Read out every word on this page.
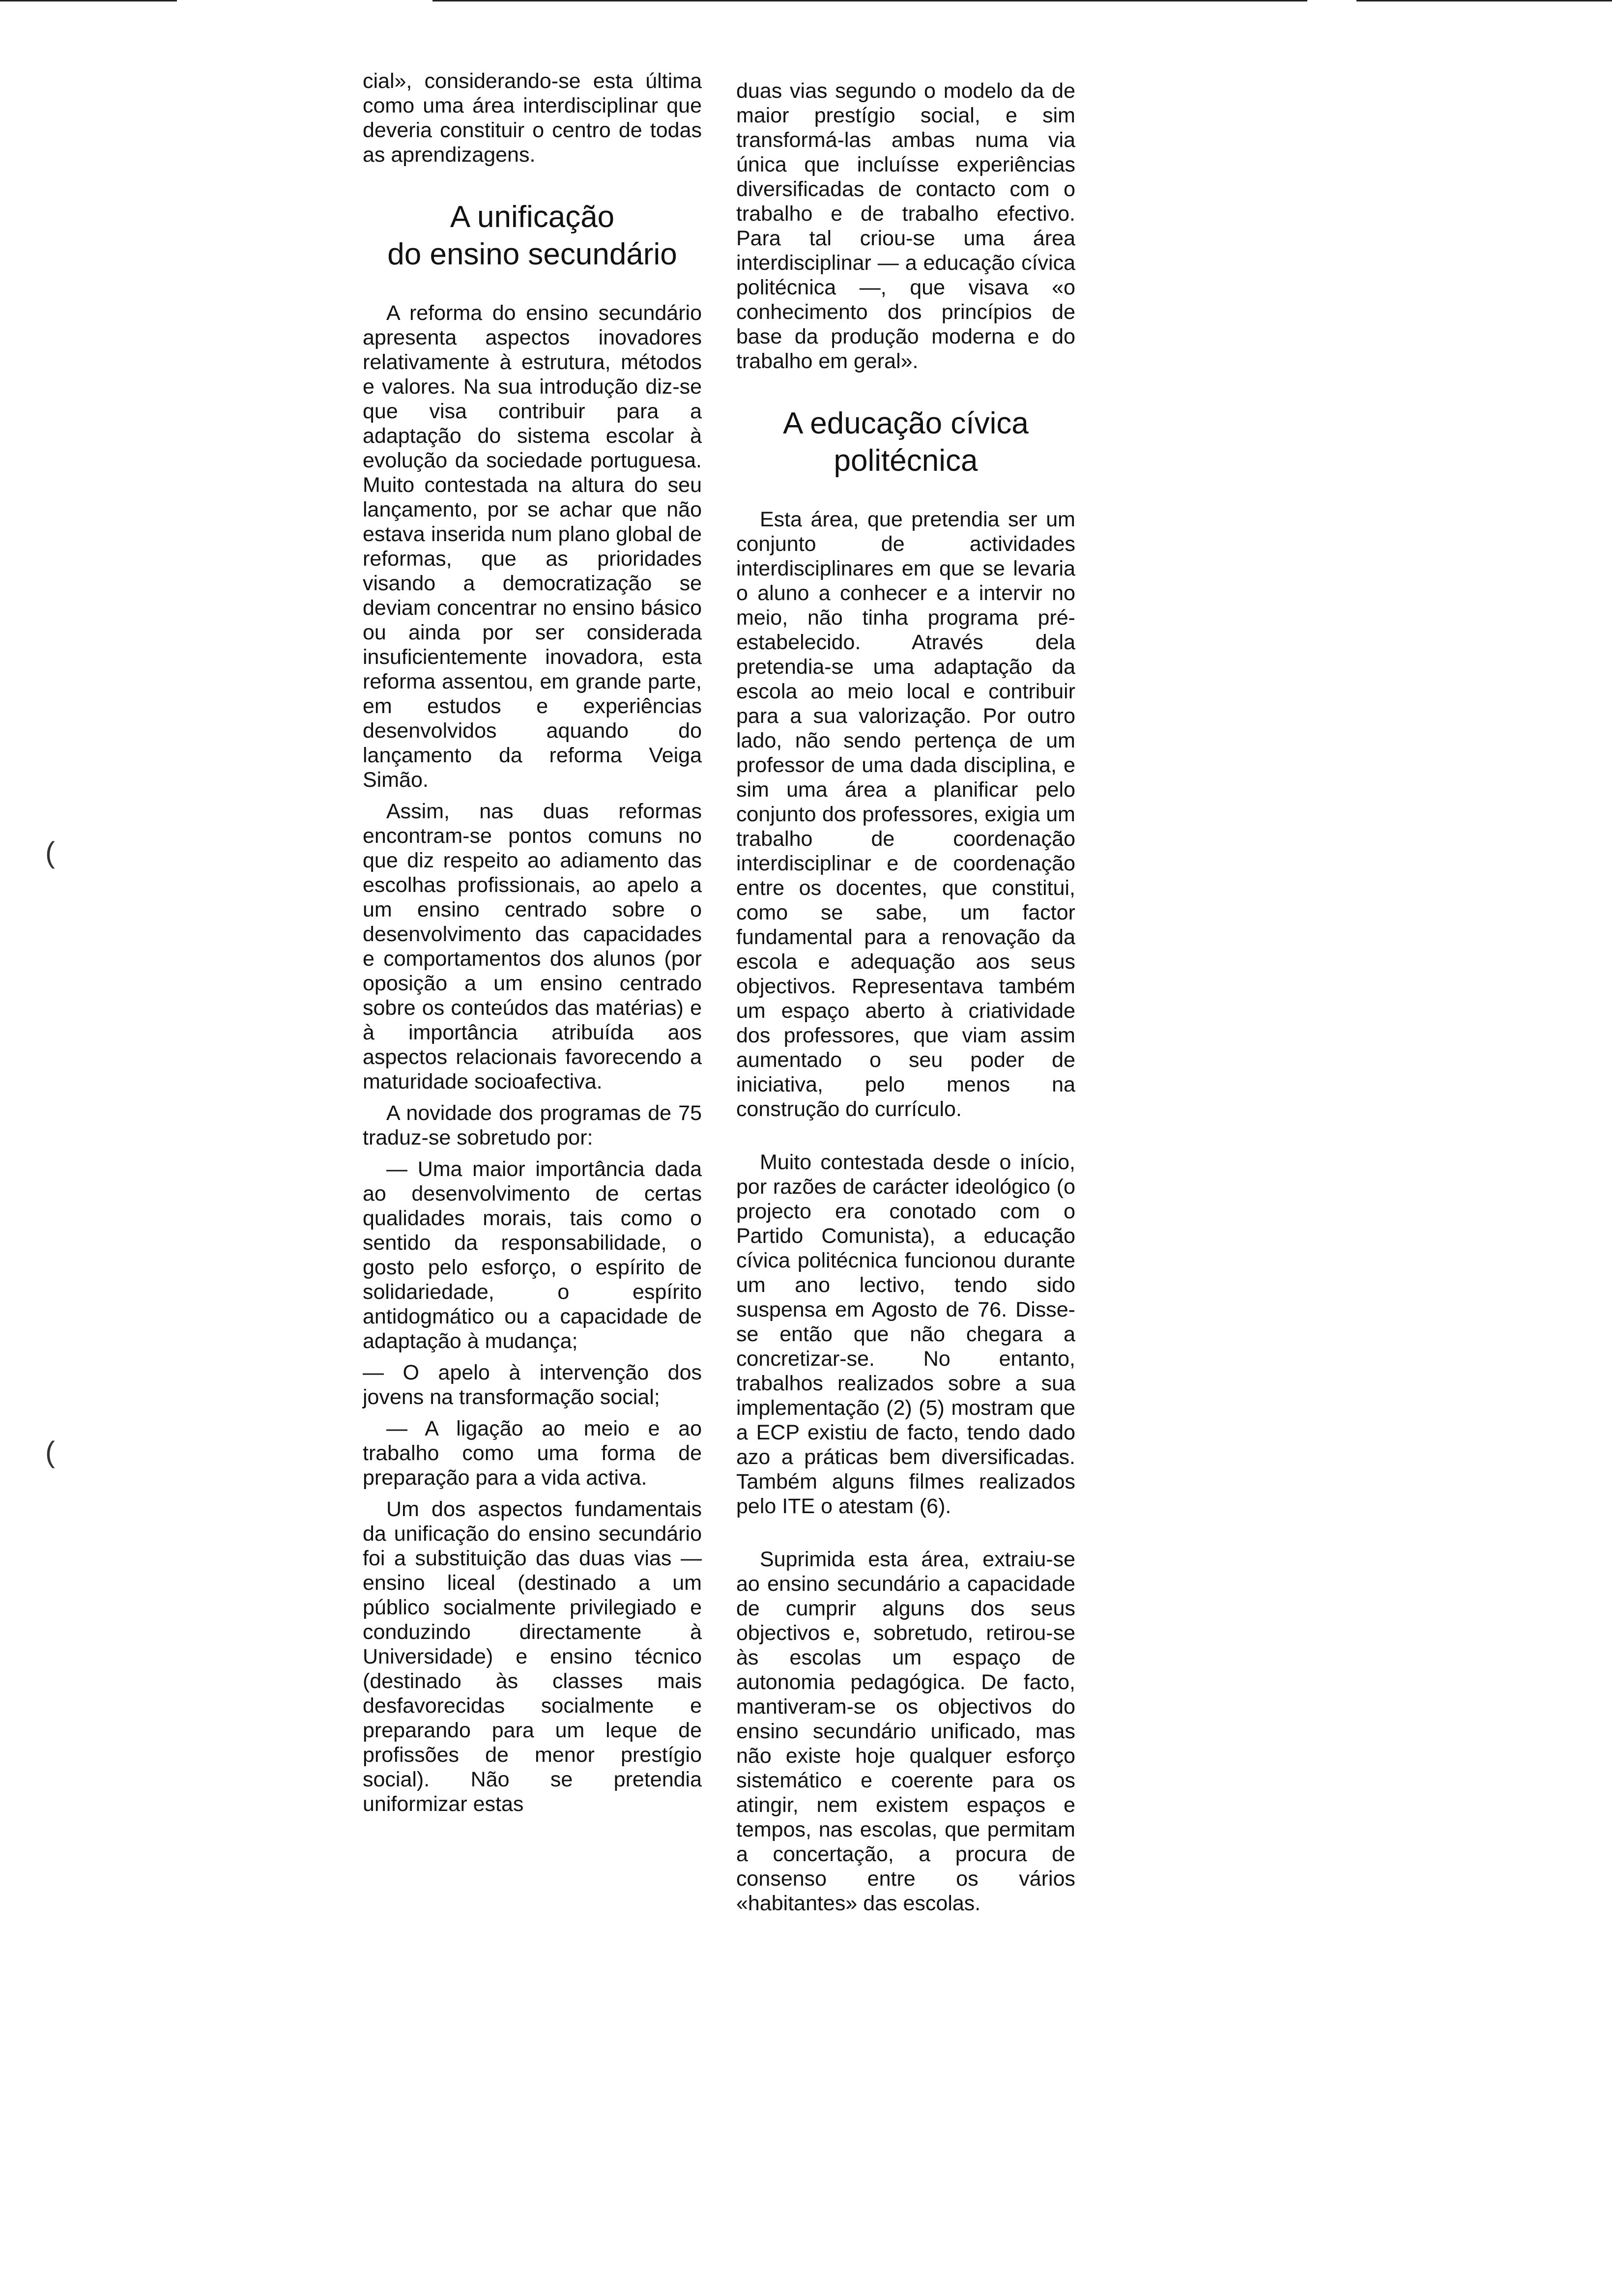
(
(

cial», considerando-se esta última como uma área interdisciplinar que deveria constituir o centro de todas as aprendizagens.

A unificação
do ensino secundário

A reforma do ensino secundário apresenta aspectos inovadores relativamente à estrutura, métodos e valores. Na sua introdução diz-se que visa contribuir para a adaptação do sistema escolar à evolução da sociedade portuguesa. Muito contestada na altura do seu lançamento, por se achar que não estava inserida num plano global de reformas, que as prioridades visando a democratização se deviam concentrar no ensino básico ou ainda por ser considerada insuficientemente inovadora, esta reforma assentou, em grande parte, em estudos e experiências desenvolvidos aquando do lançamento da reforma Veiga Simão.

Assim, nas duas reformas encontram-se pontos comuns no que diz respeito ao adiamento das escolhas profissionais, ao apelo a um ensino centrado sobre o desenvolvimento das capacidades e comportamentos dos alunos (por oposição a um ensino centrado sobre os conteúdos das matérias) e à importância atribuída aos aspectos relacionais favorecendo a maturidade socioafectiva.

A novidade dos programas de 75 traduz-se sobretudo por:

— Uma maior importância dada ao desenvolvimento de certas qualidades morais, tais como o sentido da responsabilidade, o gosto pelo esforço, o espírito de solidariedade, o espírito antidogmático ou a capacidade de adaptação à mudança;

— O apelo à intervenção dos jovens na transformação social;

— A ligação ao meio e ao trabalho como uma forma de preparação para a vida activa.

Um dos aspectos fundamentais da unificação do ensino secundário foi a substituição das duas vias — ensino liceal (destinado a um público socialmente privilegiado e conduzindo directamente à Universidade) e ensino técnico (destinado às classes mais desfavorecidas socialmente e preparando para um leque de profissões de menor prestígio social). Não se pretendia uniformizar estas

duas vias segundo o modelo da de maior prestígio social, e sim transformá-las ambas numa via única que incluísse experiências diversificadas de contacto com o trabalho e de trabalho efectivo. Para tal criou-se uma área interdisciplinar — a educação cívica politécnica —, que visava «o conhecimento dos princípios de base da produção moderna e do trabalho em geral».

A educação cívica
politécnica

Esta área, que pretendia ser um conjunto de actividades interdisciplinares em que se levaria o aluno a conhecer e a intervir no meio, não tinha programa pré-estabelecido. Através dela pretendia-se uma adaptação da escola ao meio local e contribuir para a sua valorização. Por outro lado, não sendo pertença de um professor de uma dada disciplina, e sim uma área a planificar pelo conjunto dos professores, exigia um trabalho de coordenação interdisciplinar e de coordenação entre os docentes, que constitui, como se sabe, um factor fundamental para a renovação da escola e adequação aos seus objectivos. Representava também um espaço aberto à criatividade dos professores, que viam assim aumentado o seu poder de iniciativa, pelo menos na construção do currículo.

Muito contestada desde o início, por razões de carácter ideológico (o projecto era conotado com o Partido Comunista), a educação cívica politécnica funcionou durante um ano lectivo, tendo sido suspensa em Agosto de 76. Disse-se então que não chegara a concretizar-se. No entanto, trabalhos realizados sobre a sua implementação (2) (5) mostram que a ECP existiu de facto, tendo dado azo a práticas bem diversificadas. Também alguns filmes realizados pelo ITE o atestam (6).

Suprimida esta área, extraiu-se ao ensino secundário a capacidade de cumprir alguns dos seus objectivos e, sobretudo, retirou-se às escolas um espaço de autonomia pedagógica. De facto, mantiveram-se os objectivos do ensino secundário unificado, mas não existe hoje qualquer esforço sistemático e coerente para os atingir, nem existem espaços e tempos, nas escolas, que permitam a concertação, a procura de consenso entre os vários «habitantes» das escolas.
